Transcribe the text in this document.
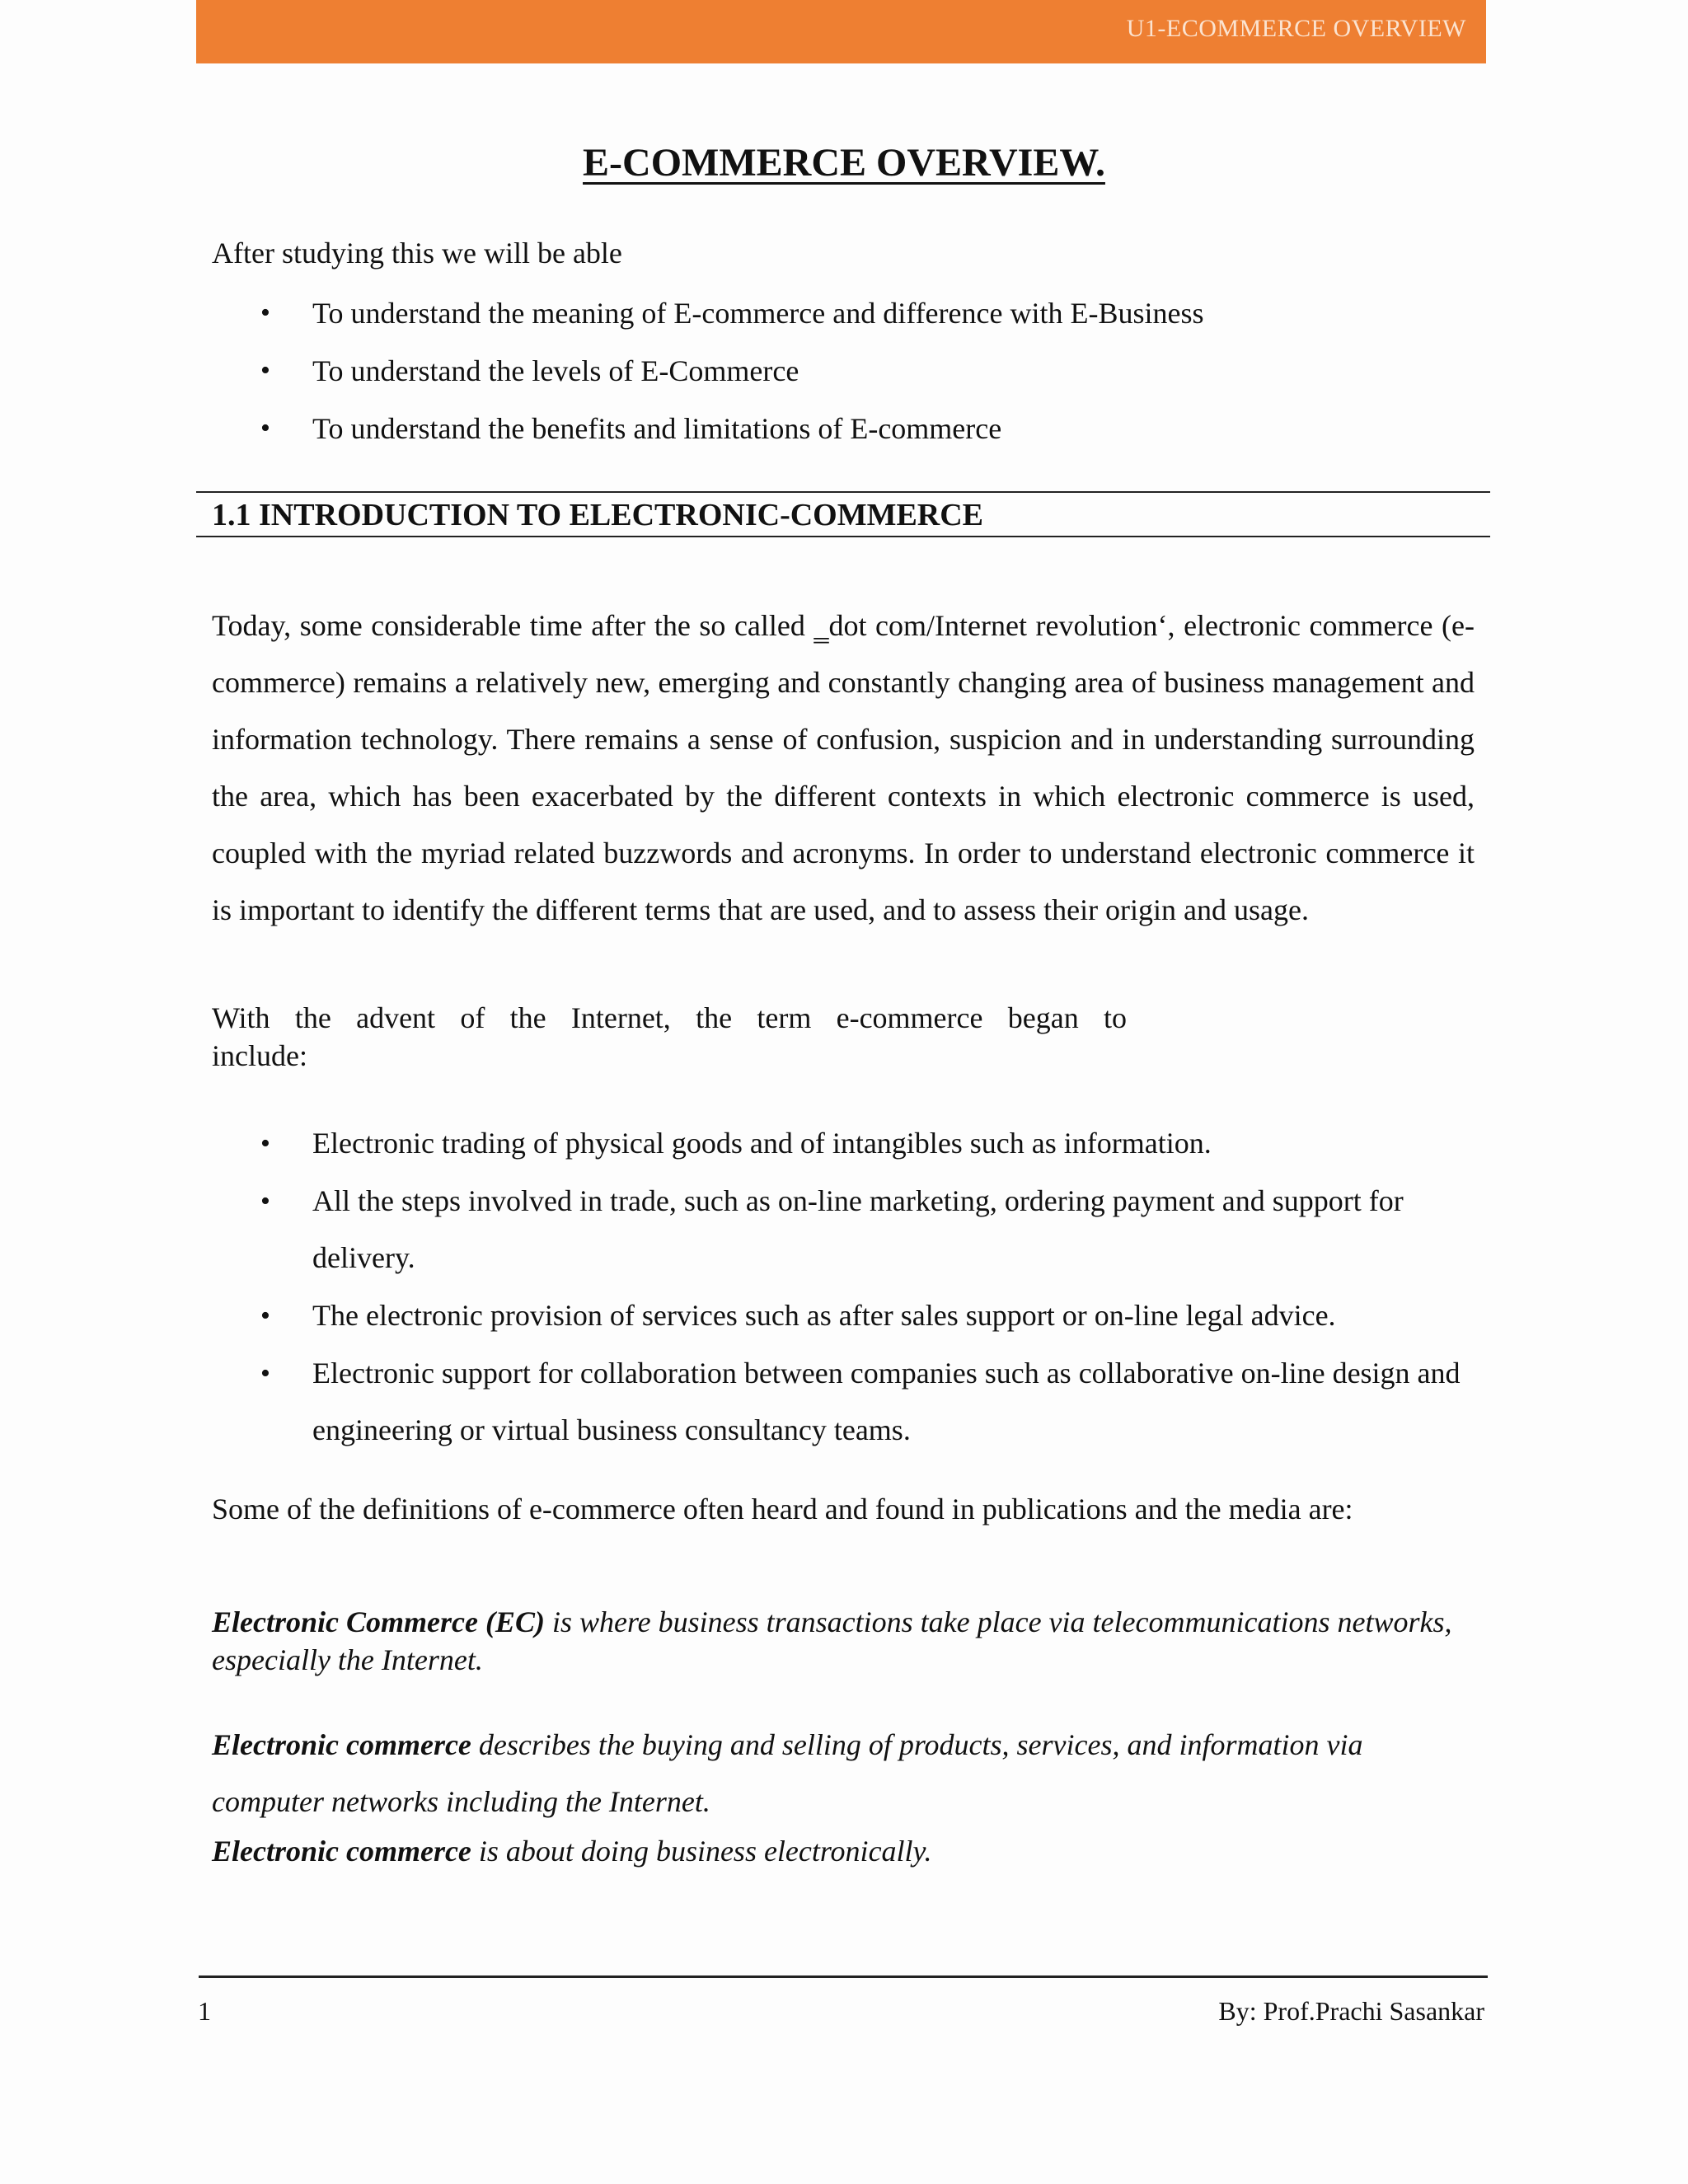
U1-ECOMMERCE OVERVIEW
E-COMMERCE OVERVIEW.

After studying this we will be able

• To understand the meaning of E-commerce and difference with E-Business
• To understand the levels of E-Commerce
• To understand the benefits and limitations of E-commerce
1.1 INTRODUCTION TO ELECTRONIC-COMMERCE

Today, some considerable time after the so called ‗dot com/Internet revolution‘, electronic commerce (e-commerce) remains a relatively new, emerging and constantly changing area of business management and information technology. There remains a sense of confusion, suspicion and in understanding surrounding the area, which has been exacerbated by the different contexts in which electronic commerce is used, coupled with the myriad related buzzwords and acronyms. In order to understand electronic commerce it is important to identify the different terms that are used, and to assess their origin and usage.

With the advent of the Internet, the term e-commerce began to include:

• Electronic trading of physical goods and of intangibles such as information.
• All the steps involved in trade, such as on-line marketing, ordering payment and support for delivery.
• The electronic provision of services such as after sales support or on-line legal advice.
• Electronic support for collaboration between companies such as collaborative on-line design and engineering or virtual business consultancy teams.

Some of the definitions of e-commerce often heard and found in publications and the media are:

Electronic Commerce (EC) is where business transactions take place via telecommunications networks, especially the Internet.

Electronic commerce describes the buying and selling of products, services, and information via computer networks including the Internet.

Electronic commerce is about doing business electronically.

1	By: Prof.Prachi Sasankar
